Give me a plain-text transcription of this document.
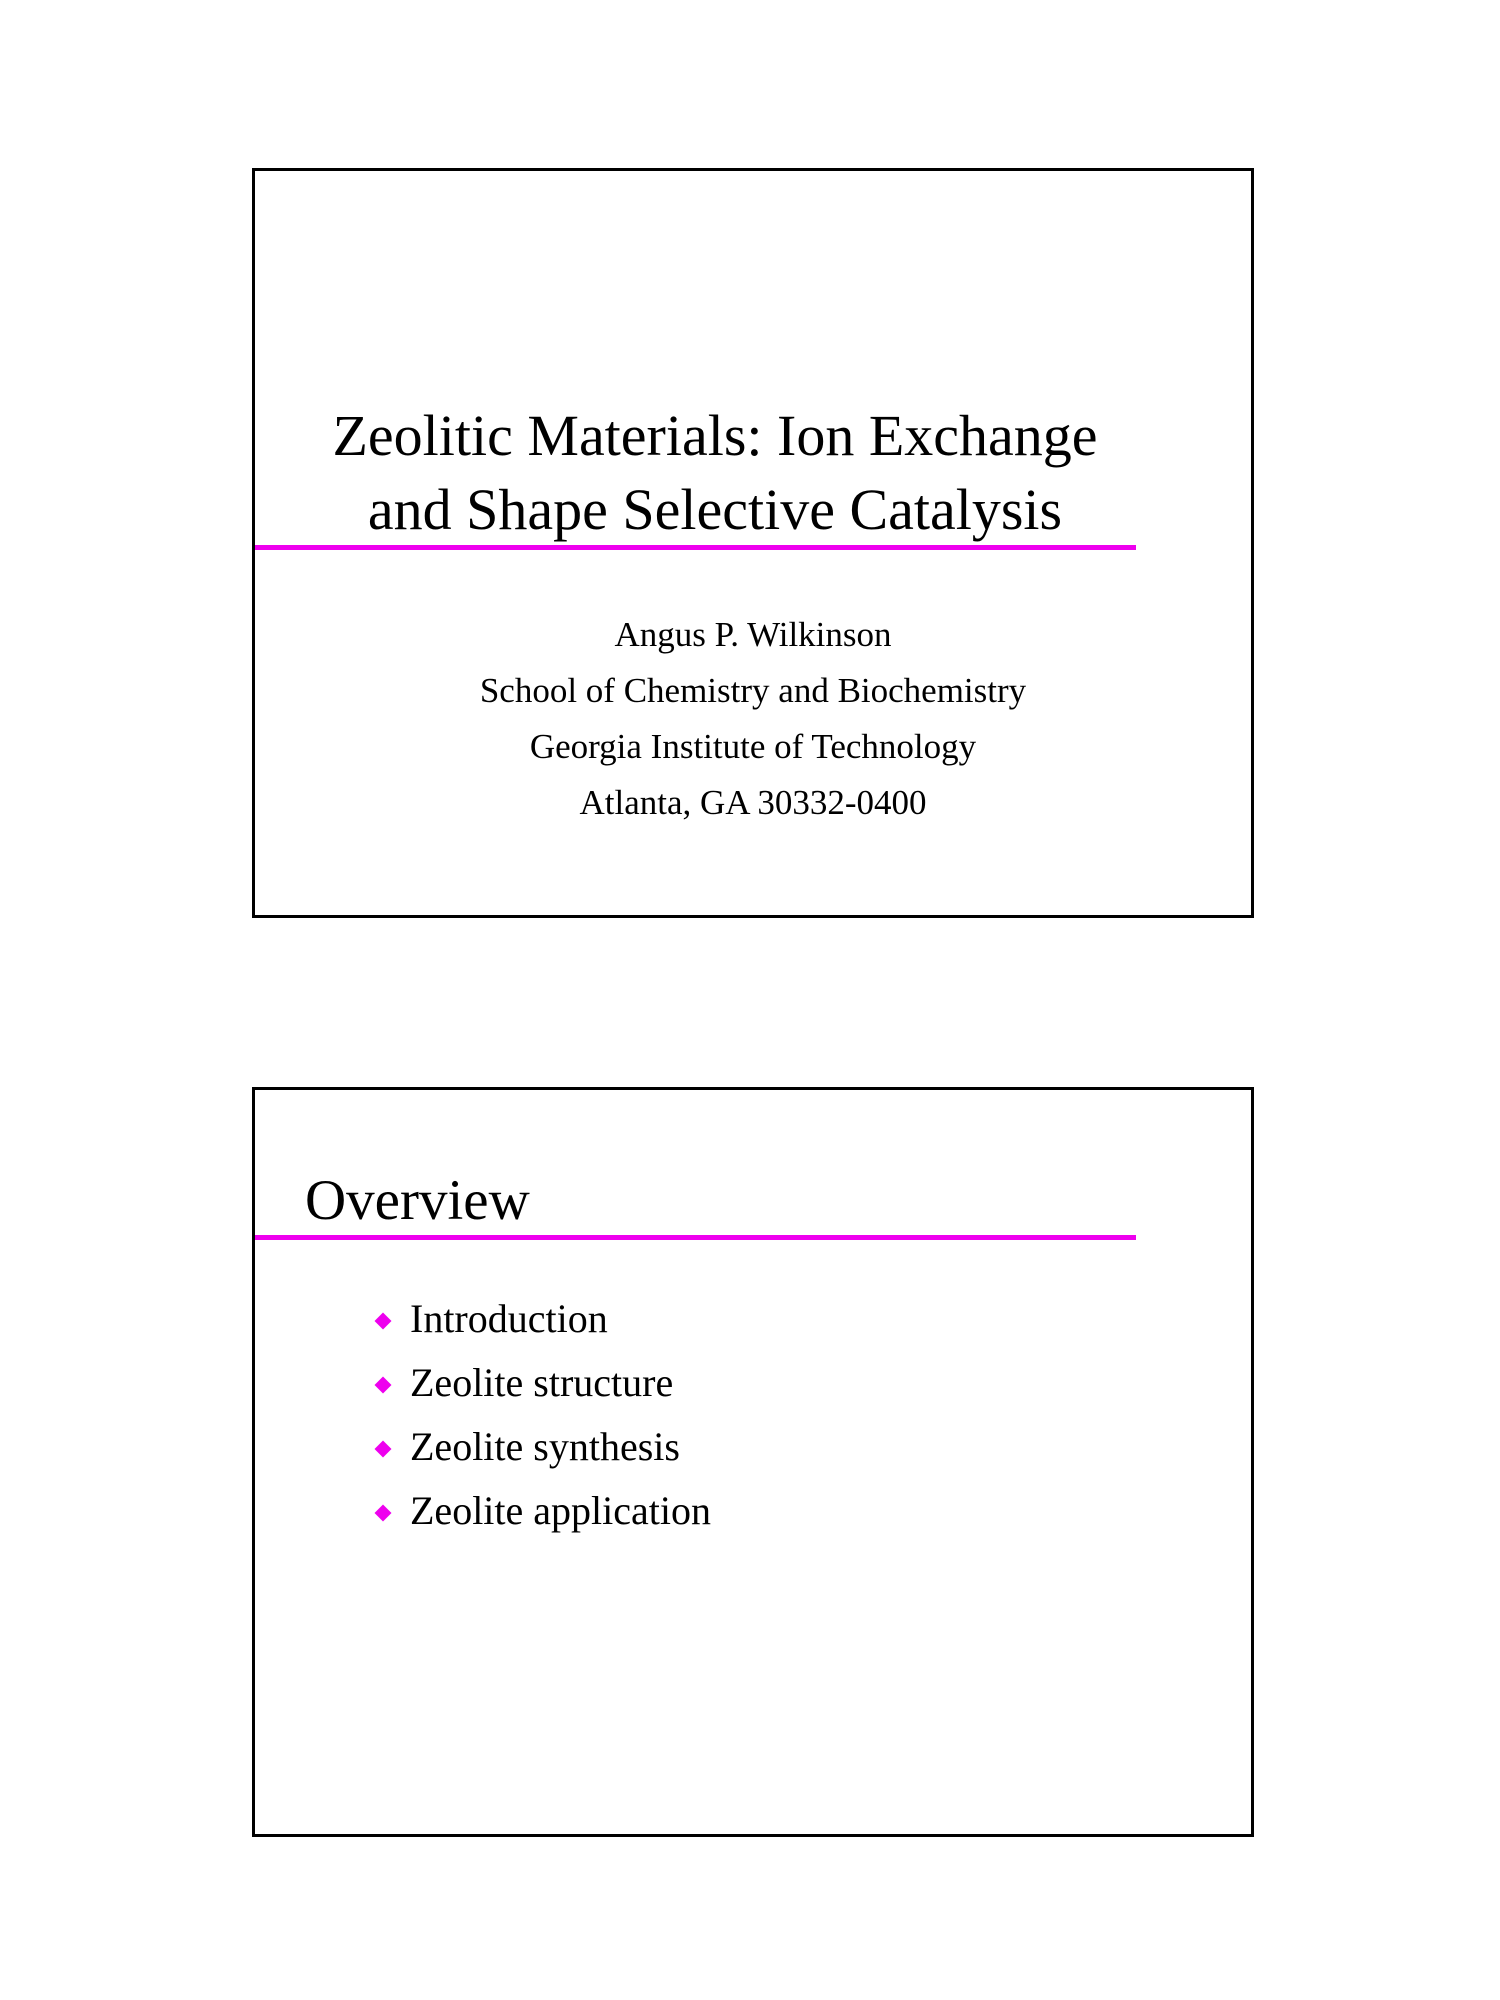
Zeolitic Materials: Ion Exchange
and Shape Selective Catalysis
Angus P. Wilkinson
School of Chemistry and Biochemistry
Georgia Institute of Technology
Atlanta, GA 30332-0400
Overview
Introduction
Zeolite structure
Zeolite synthesis
Zeolite application
